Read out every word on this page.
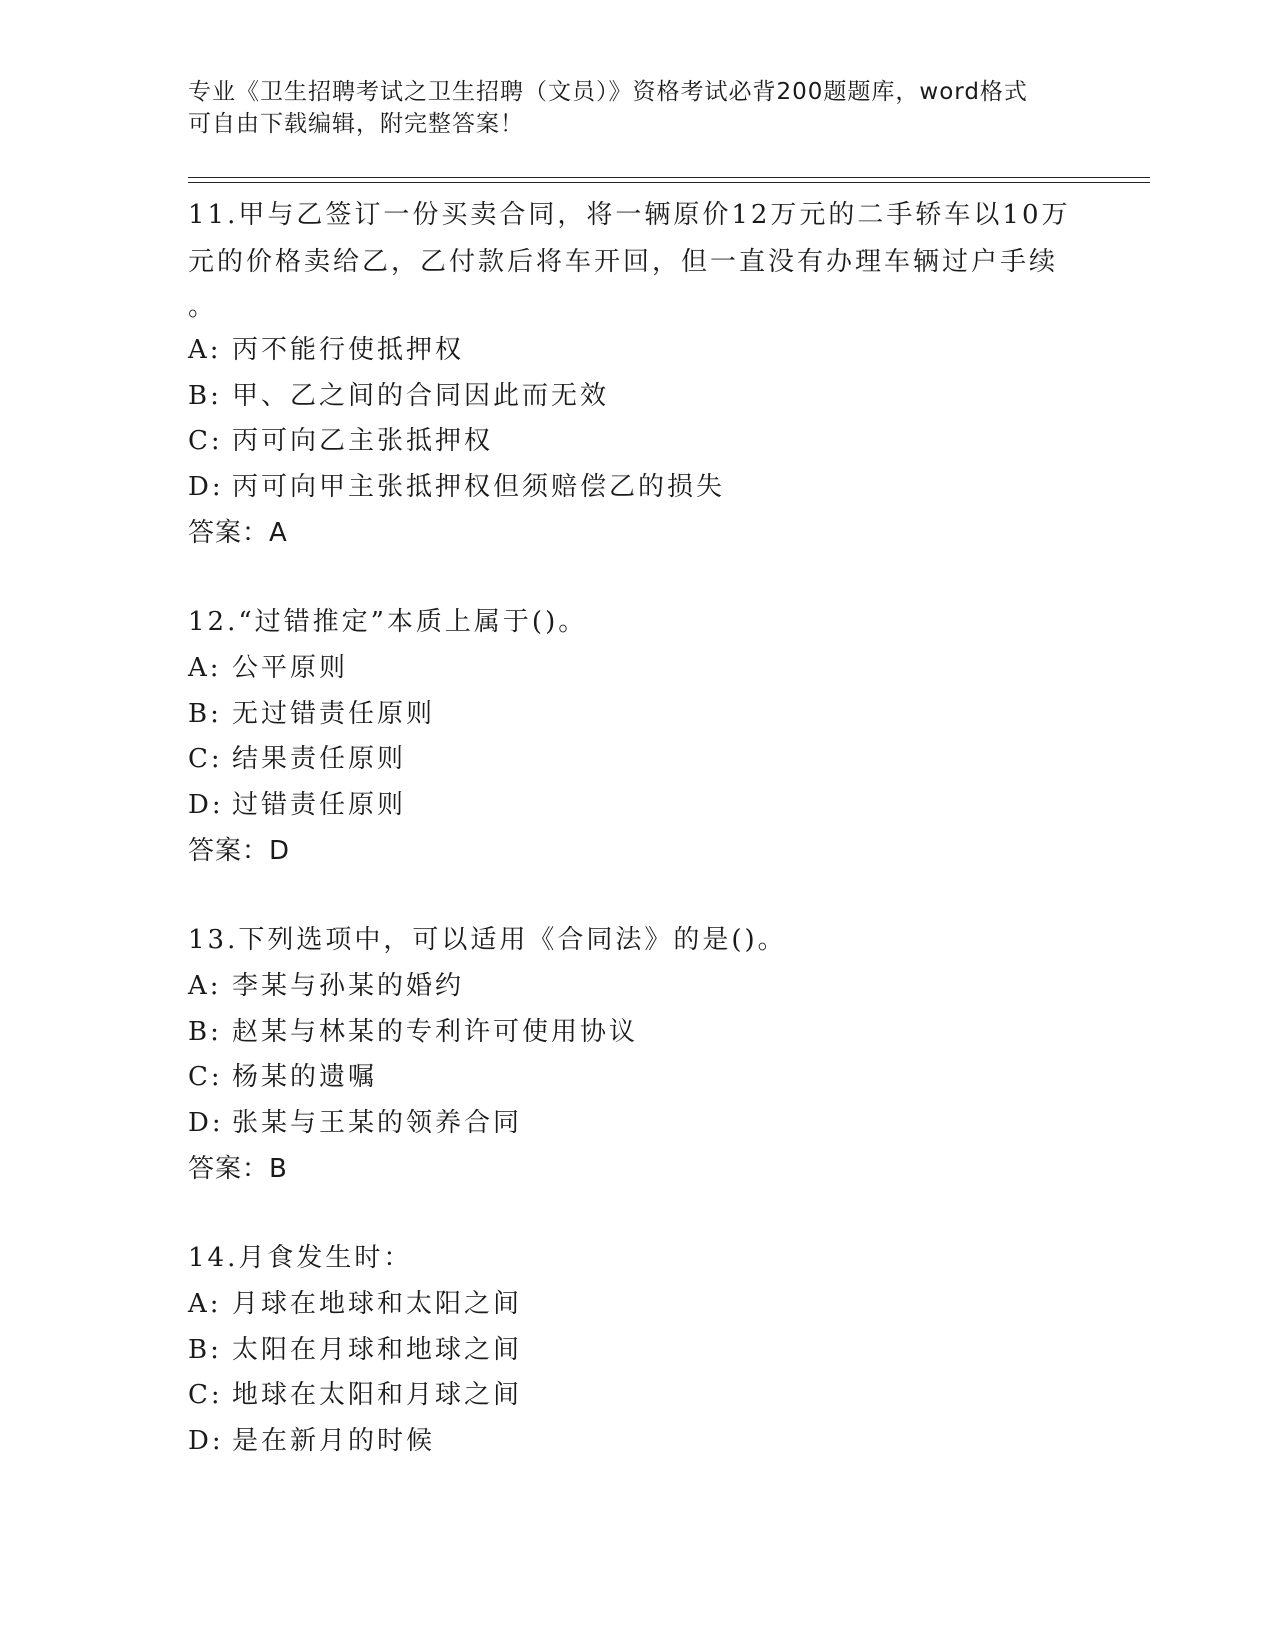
专业《卫生招聘考试之卫生招聘（文员）》资格考试必背200题题库，word格式
可自由下载编辑，附完整答案！
11.甲与乙签订一份买卖合同，将一辆原价12万元的二手轿车以10万
元的价格卖给乙，乙付款后将车开回，但一直没有办理车辆过户手续
。
A: 丙不能行使抵押权
B: 甲、乙之间的合同因此而无效
C: 丙可向乙主张抵押权
D: 丙可向甲主张抵押权但须赔偿乙的损失
答案：A
12.“过错推定”本质上属于()。
A: 公平原则
B: 无过错责任原则
C: 结果责任原则
D: 过错责任原则
答案：D
13.下列选项中，可以适用《合同法》的是()。
A: 李某与孙某的婚约
B: 赵某与林某的专利许可使用协议
C: 杨某的遗嘱
D: 张某与王某的领养合同
答案：B
14.月食发生时：
A: 月球在地球和太阳之间
B: 太阳在月球和地球之间
C: 地球在太阳和月球之间
D: 是在新月的时候
